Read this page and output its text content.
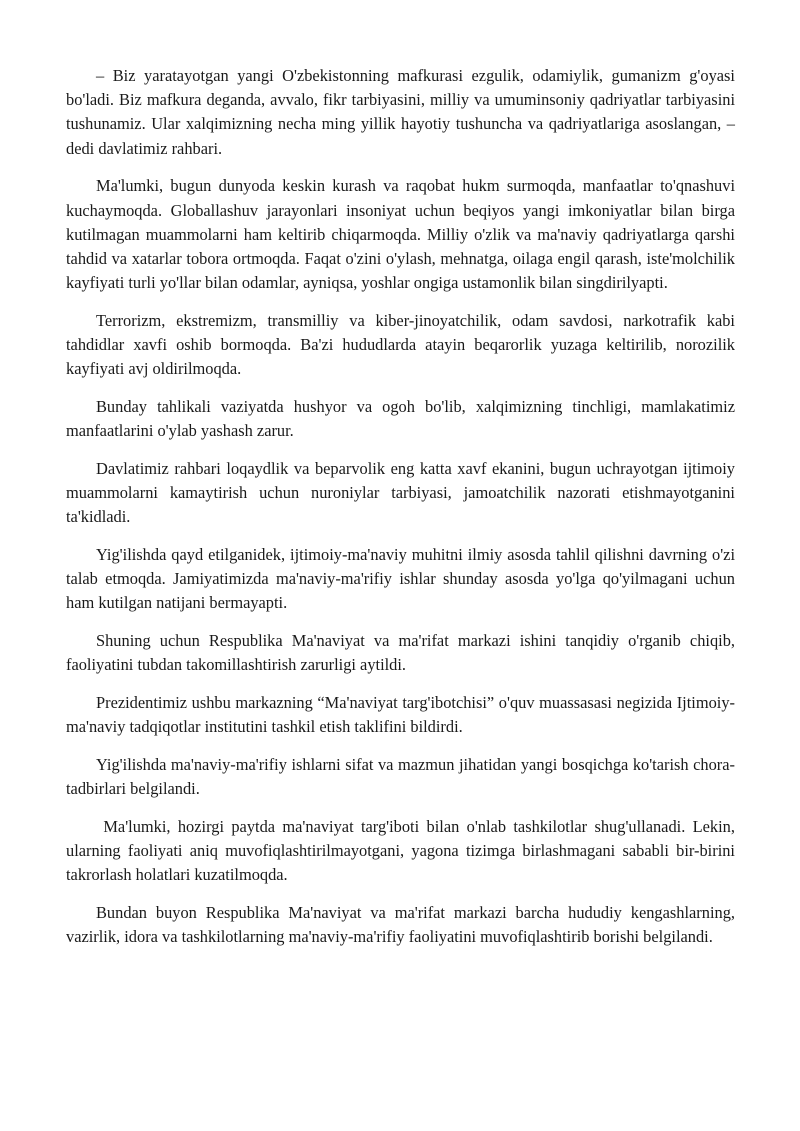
– Biz yaratayotgan yangi O'zbekistonning mafkurasi ezgulik, odamiylik, gumanizm g'oyasi bo'ladi. Biz mafkura deganda, avvalo, fikr tarbiyasini, milliy va umuminsoniy qadriyatlar tarbiyasini tushunamiz. Ular xalqimizning necha ming yillik hayotiy tushuncha va qadriyatlariga asoslangan, – dedi davlatimiz rahbari.

Ma'lumki, bugun dunyoda keskin kurash va raqobat hukm surmoqda, manfaatlar to'qnashuvi kuchaymoqda. Globallashuv jarayonlari insoniyat uchun beqiyos yangi imkoniyatlar bilan birga kutilmagan muammolarni ham keltirib chiqarmoqda. Milliy o'zlik va ma'naviy qadriyatlarga qarshi tahdid va xatarlar tobora ortmoqda. Faqat o'zini o'ylash, mehnatga, oilaga engil qarash, iste'molchilik kayfiyati turli yo'llar bilan odamlar, ayniqsa, yoshlar ongiga ustamonlik bilan singdirilyapti.

Terrorizm, ekstremizm, transmilliy va kiber-jinoyatchilik, odam savdosi, narkotrafik kabi tahdidlar xavfi oshib bormoqda. Ba'zi hududlarda atayin beqarorlik yuzaga keltirilib, norozilik kayfiyati avj oldirilmoqda.

Bunday tahlikali vaziyatda hushyor va ogoh bo'lib, xalqimizning tinchligi, mamlakatimiz manfaatlarini o'ylab yashash zarur.

Davlatimiz rahbari loqaydlik va beparvolik eng katta xavf ekanini, bugun uchrayotgan ijtimoiy muammolarni kamaytirish uchun nuroniylar tarbiyasi, jamoatchilik nazorati etishmayotganini ta'kidladi.

Yig'ilishda qayd etilganidek, ijtimoiy-ma'naviy muhitni ilmiy asosda tahlil qilishni davrning o'zi talab etmoqda. Jamiyatimizda ma'naviy-ma'rifiy ishlar shunday asosda yo'lga qo'yilmagani uchun ham kutilgan natijani bermayapti.

Shuning uchun Respublika Ma'naviyat va ma'rifat markazi ishini tanqidiy o'rganib chiqib, faoliyatini tubdan takomillashtirish zarurligi aytildi.

Prezidentimiz ushbu markazning “Ma'naviyat targ'ibotchisi” o'quv muassasasi negizida Ijtimoiy-ma'naviy tadqiqotlar institutini tashkil etish taklifini bildirdi.

Yig'ilishda ma'naviy-ma'rifiy ishlarni sifat va mazmun jihatidan yangi bosqichga ko'tarish chora-tadbirlari belgilandi.

Ma'lumki, hozirgi paytda ma'naviyat targ'iboti bilan o'nlab tashkilotlar shug'ullanadi. Lekin, ularning faoliyati aniq muvofiqlashtirilmayotgani, yagona tizimga birlashmagani sababli bir-birini takrorlash holatlari kuzatilmoqda.

Bundan buyon Respublika Ma'naviyat va ma'rifat markazi barcha hududiy kengashlarning, vazirlik, idora va tashkilotlarning ma'naviy-ma'rifiy faoliyatini muvofiqlashtirib borishi belgilandi.
